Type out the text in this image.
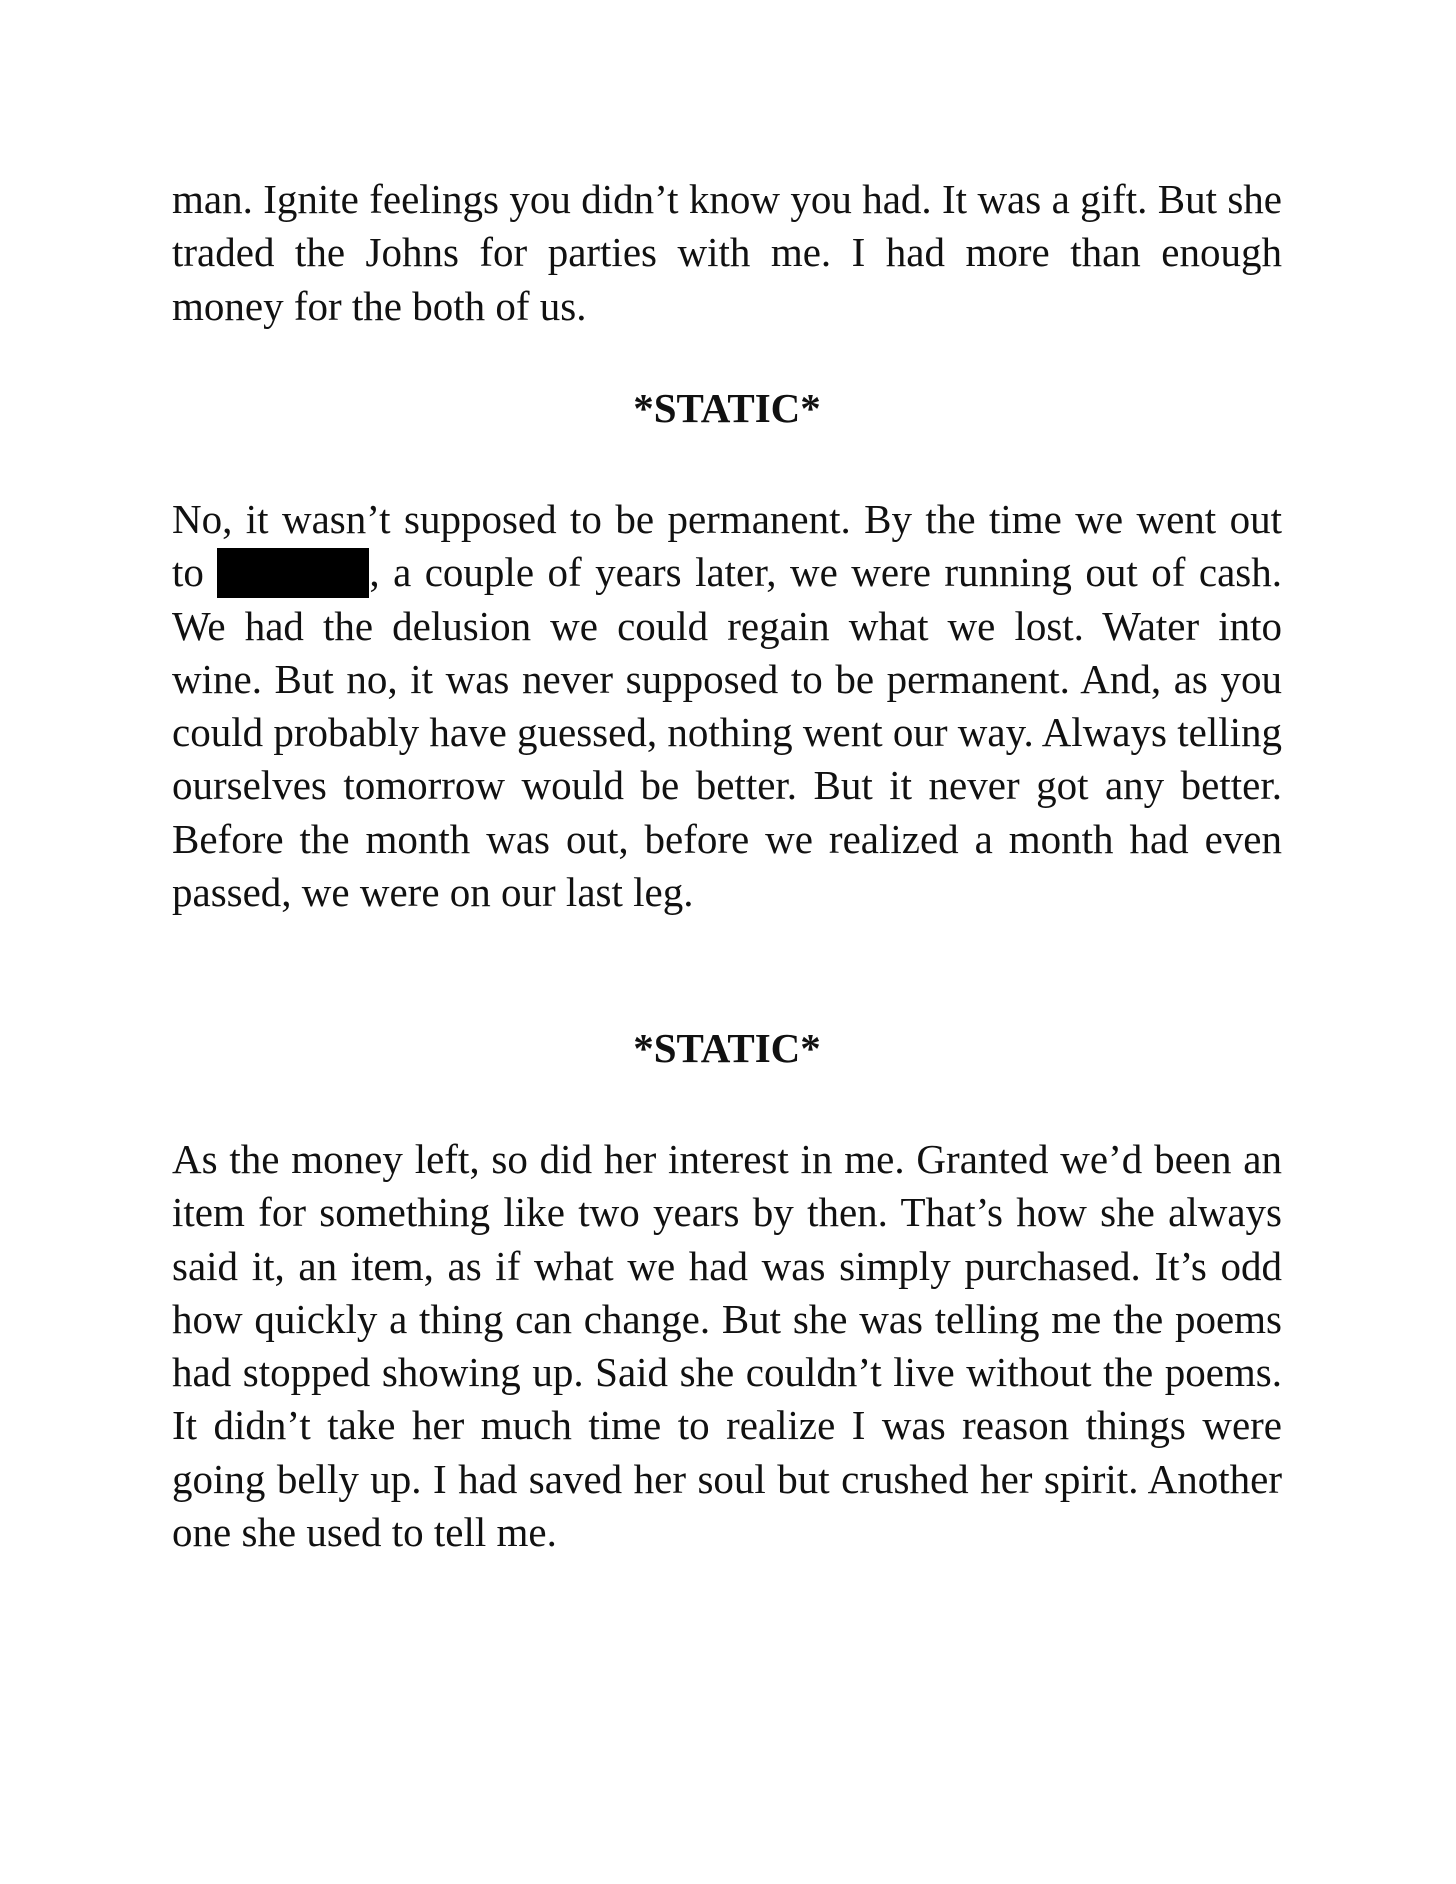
man. Ignite feelings you didn’t know you had. It was a gift. But she traded the Johns for parties with me. I had more than enough money for the both of us.

*STATIC*

No, it wasn’t supposed to be permanent. By the time we went out to	, a couple of years later, we were running out of cash. We had the delusion we could regain what we lost. Water into wine. But no, it was never supposed to be permanent. And, as you could probably have guessed, nothing went our way. Always telling ourselves tomorrow would be better. But it never got any better. Before the month was out, before we realized a month had even passed, we were on our last leg.

*STATIC*

As the money left, so did her interest in me. Granted we’d been an item for something like two years by then. That’s how she always said it, an item, as if what we had was simply purchased. It’s odd how quickly a thing can change. But she was telling me the poems had stopped showing up. Said she couldn’t live without the poems. It didn’t take her much time to realize I was reason things were going belly up. I had saved her soul but crushed her spirit. Another one she used to tell me.
